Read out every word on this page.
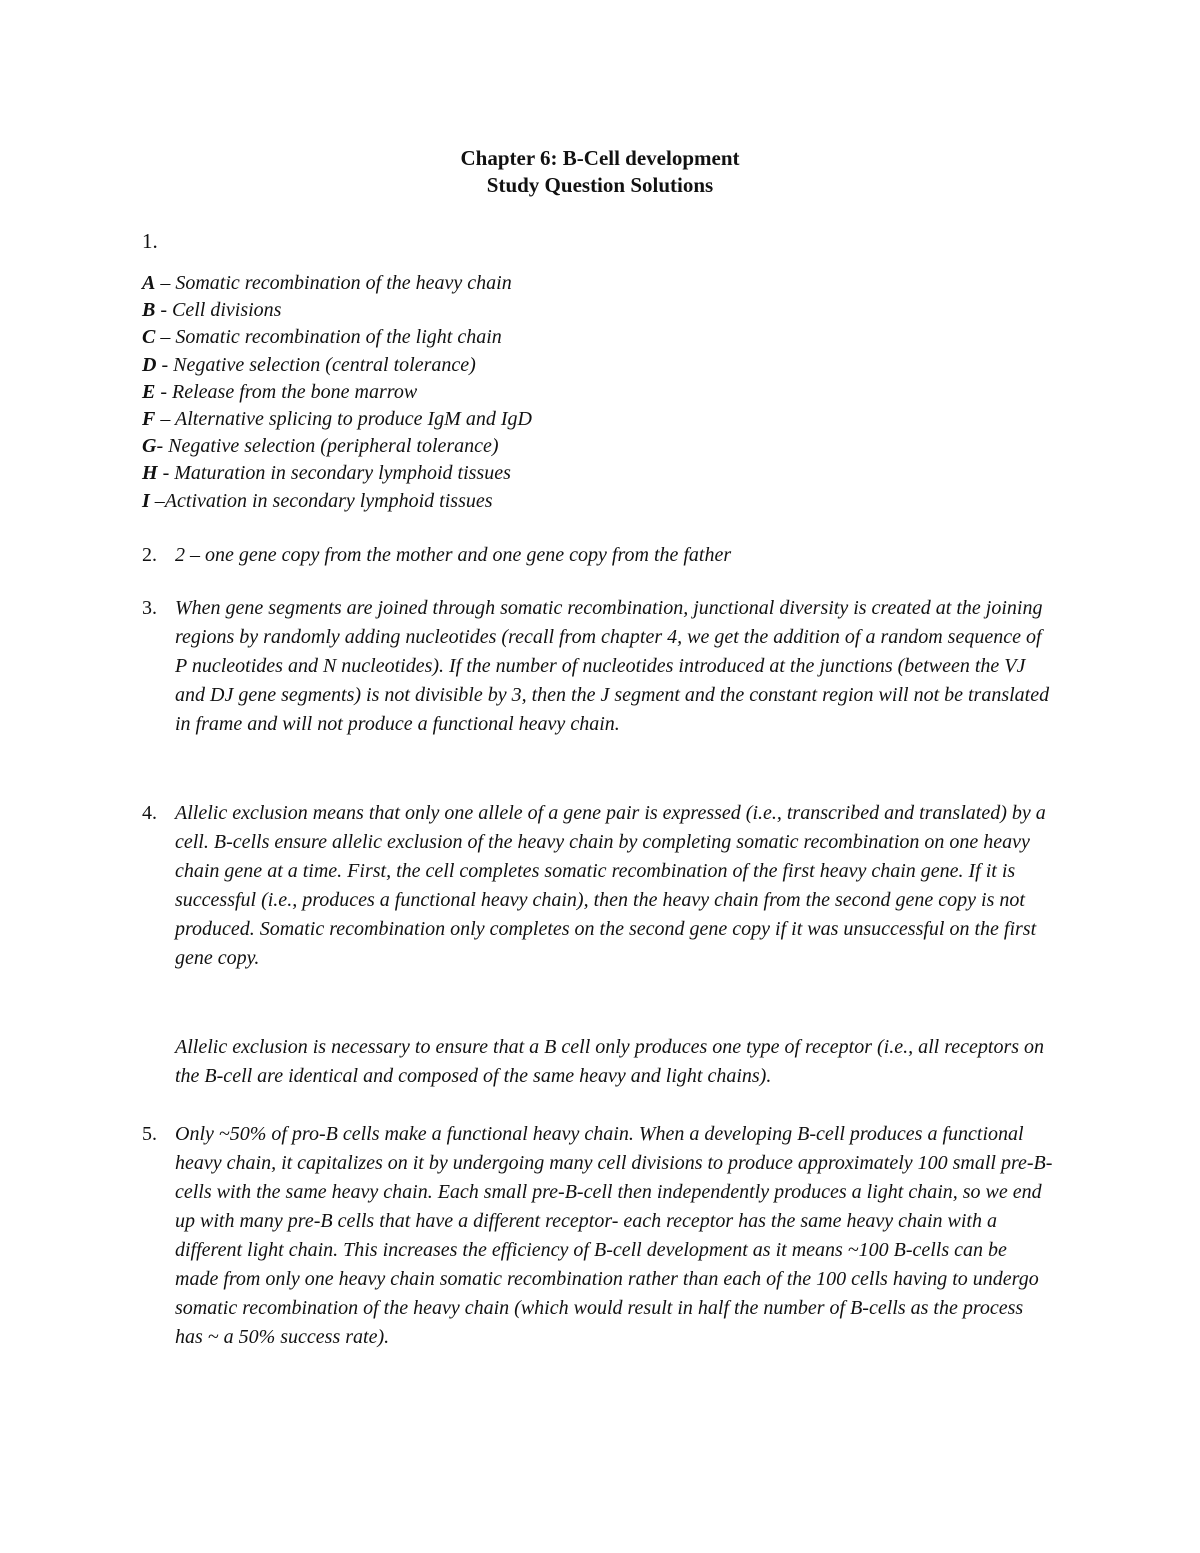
Chapter 6: B-Cell development
Study Question Solutions
1.
A – Somatic recombination of the heavy chain
B - Cell divisions
C – Somatic recombination of the light chain
D - Negative selection (central tolerance)
E - Release from the bone marrow
F – Alternative splicing to produce IgM and IgD
G- Negative selection (peripheral tolerance)
H - Maturation in secondary lymphoid tissues
I –Activation in secondary lymphoid tissues
2. 2 – one gene copy from the mother and one gene copy from the father
3. When gene segments are joined through somatic recombination, junctional diversity is created at the joining regions by randomly adding nucleotides (recall from chapter 4, we get the addition of a random sequence of P nucleotides and N nucleotides). If the number of nucleotides introduced at the junctions (between the VJ and DJ gene segments) is not divisible by 3, then the J segment and the constant region will not be translated in frame and will not produce a functional heavy chain.
4. Allelic exclusion means that only one allele of a gene pair is expressed (i.e., transcribed and translated) by a cell. B-cells ensure allelic exclusion of the heavy chain by completing somatic recombination on one heavy chain gene at a time. First, the cell completes somatic recombination of the first heavy chain gene. If it is successful (i.e., produces a functional heavy chain), then the heavy chain from the second gene copy is not produced. Somatic recombination only completes on the second gene copy if it was unsuccessful on the first gene copy.
Allelic exclusion is necessary to ensure that a B cell only produces one type of receptor (i.e., all receptors on the B-cell are identical and composed of the same heavy and light chains).
5. Only ~50% of pro-B cells make a functional heavy chain. When a developing B-cell produces a functional heavy chain, it capitalizes on it by undergoing many cell divisions to produce approximately 100 small pre-B-cells with the same heavy chain. Each small pre-B-cell then independently produces a light chain, so we end up with many pre-B cells that have a different receptor- each receptor has the same heavy chain with a different light chain. This increases the efficiency of B-cell development as it means ~100 B-cells can be made from only one heavy chain somatic recombination rather than each of the 100 cells having to undergo somatic recombination of the heavy chain (which would result in half the number of B-cells as the process has ~ a 50% success rate).
